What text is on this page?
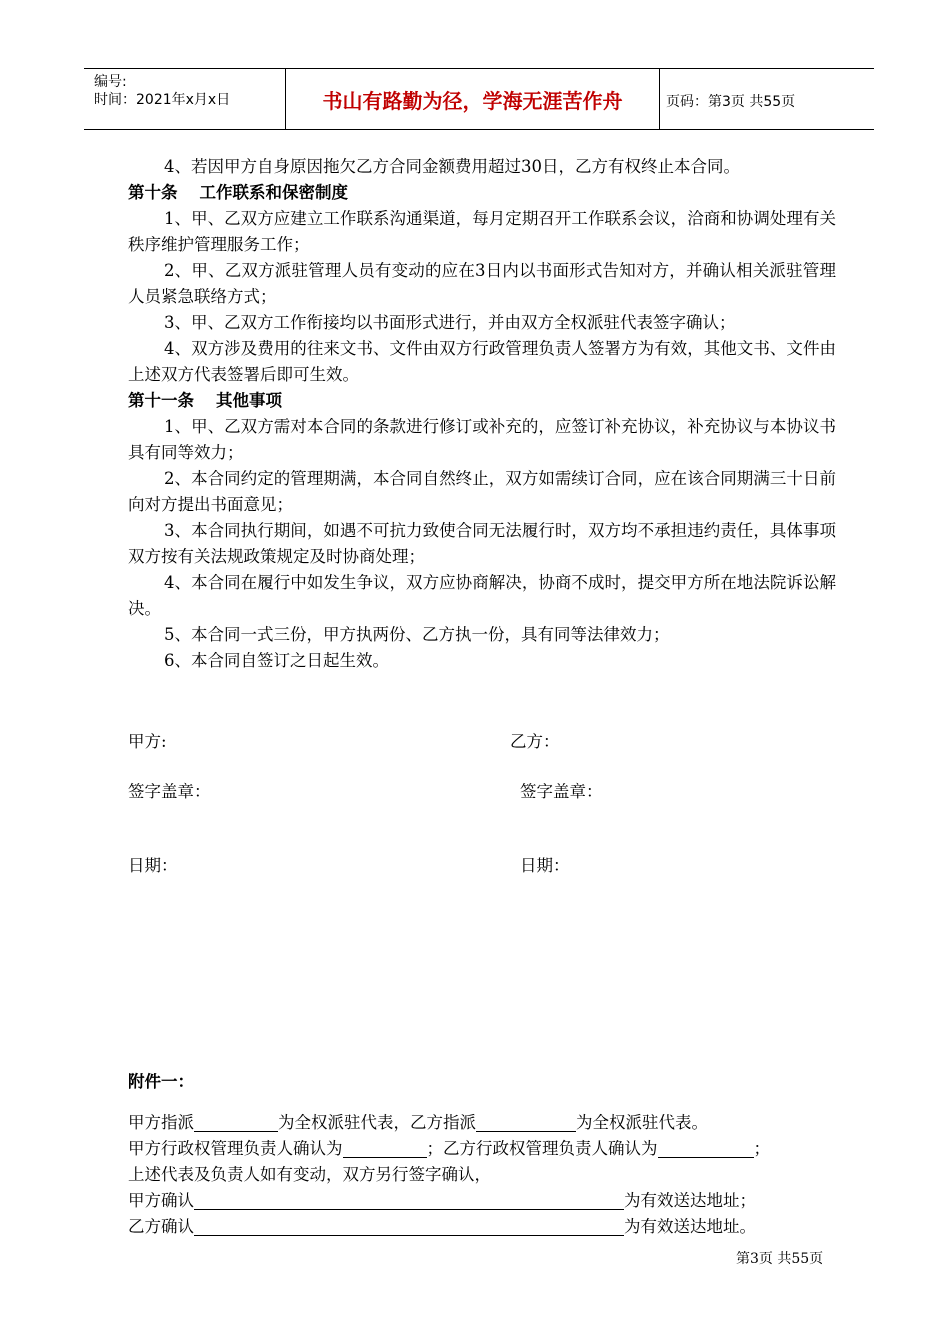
编号:
时间：2021年x月x日	书山有路勤为径，学海无涯苦作舟	页码：第3页 共55页

4、若因甲方自身原因拖欠乙方合同金额费用超过30日，乙方有权终止本合同。

第十条 工作联系和保密制度

1、甲、乙双方应建立工作联系沟通渠道，每月定期召开工作联系会议，洽商和协调处理有关秩序维护管理服务工作；

2、甲、乙双方派驻管理人员有变动的应在3日内以书面形式告知对方，并确认相关派驻管理人员紧急联络方式；

3、甲、乙双方工作衔接均以书面形式进行，并由双方全权派驻代表签字确认；

4、双方涉及费用的往来文书、文件由双方行政管理负责人签署方为有效，其他文书、文件由上述双方代表签署后即可生效。

第十一条 其他事项

1、甲、乙双方需对本合同的条款进行修订或补充的，应签订补充协议，补充协议与本协议书具有同等效力；

2、本合同约定的管理期满，本合同自然终止，双方如需续订合同，应在该合同期满三十日前向对方提出书面意见；

3、本合同执行期间，如遇不可抗力致使合同无法履行时，双方均不承担违约责任，具体事项双方按有关法规政策规定及时协商处理；

4、本合同在履行中如发生争议，双方应协商解决，协商不成时，提交甲方所在地法院诉讼解决。

5、本合同一式三份，甲方执两份、乙方执一份，具有同等法律效力；

6、本合同自签订之日起生效。

甲方:	乙方：
签字盖章：	签字盖章：
日期：	日期：
附件一：
甲方指派	为全权派驻代表，乙方指派	为全权派驻代表。
甲方行政权管理负责人确认为	；乙方行政权管理负责人确认为	；
上述代表及负责人如有变动，双方另行签字确认，
甲方确认	为有效送达地址；
乙方确认	为有效送达地址。
第3页 共55页
